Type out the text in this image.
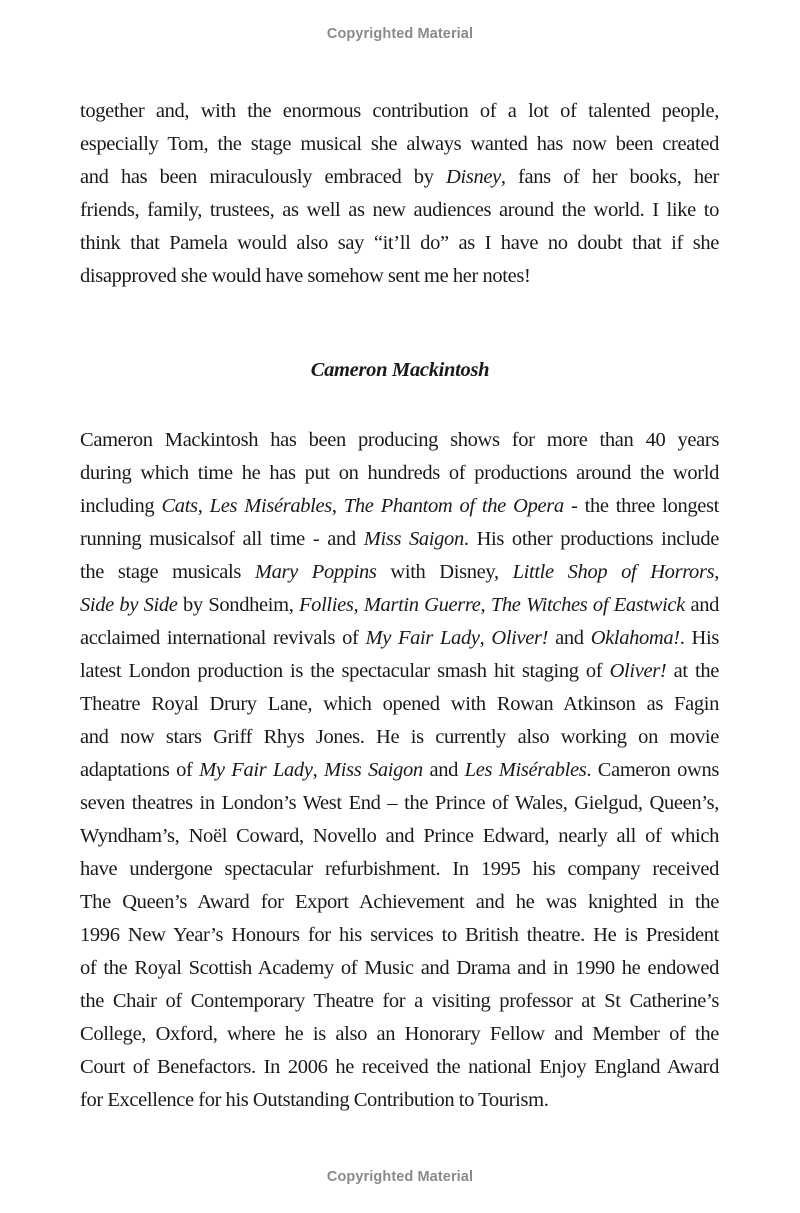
Copyrighted Material
together and, with the enormous contribution of a lot of talented people,
especially Tom, the stage musical she always wanted has now been created
and has been miraculously embraced by Disney, fans of her books, her
friends, family, trustees, as well as new audiences around the world. I like to
think that Pamela would also say “it’ll do” as I have no doubt that if she
disapproved she would have somehow sent me her notes!
Cameron Mackintosh
Cameron Mackintosh has been producing shows for more than 40 years
during which time he has put on hundreds of productions around the world
including Cats, Les Misérables, The Phantom of the Opera - the three longest
running musicalsof all time - and Miss Saigon. His other productions include
the stage musicals Mary Poppins with Disney, Little Shop of Horrors,
Side by Side by Sondheim, Follies, Martin Guerre, The Witches of Eastwick and
acclaimed international revivals of My Fair Lady, Oliver! and Oklahoma!. His
latest London production is the spectacular smash hit staging of Oliver! at the
Theatre Royal Drury Lane, which opened with Rowan Atkinson as Fagin
and now stars Griff Rhys Jones. He is currently also working on movie
adaptations of My Fair Lady, Miss Saigon and Les Misérables. Cameron owns
seven theatres in London’s West End – the Prince of Wales, Gielgud, Queen’s,
Wyndham’s, Noël Coward, Novello and Prince Edward, nearly all of which
have undergone spectacular refurbishment. In 1995 his company received
The Queen’s Award for Export Achievement and he was knighted in the
1996 New Year’s Honours for his services to British theatre. He is President
of the Royal Scottish Academy of Music and Drama and in 1990 he endowed
the Chair of Contemporary Theatre for a visiting professor at St Catherine’s
College, Oxford, where he is also an Honorary Fellow and Member of the
Court of Benefactors. In 2006 he received the national Enjoy England Award
for Excellence for his Outstanding Contribution to Tourism.
Copyrighted Material
